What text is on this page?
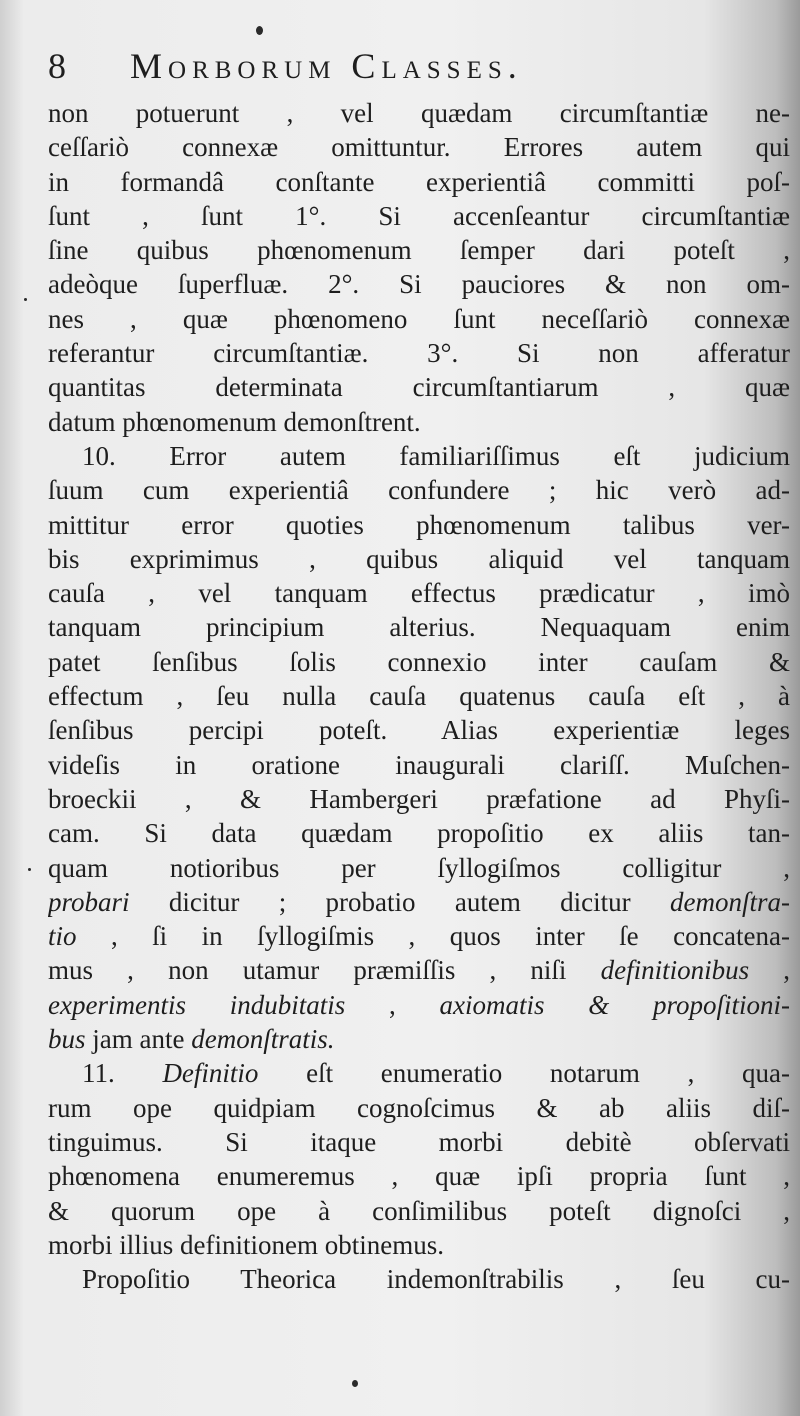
8 Morborum Classes.
non potuerunt , vel quædam circumſtantiæ ne-
ceſſariò connexæ omittuntur. Errores autem qui
in formandâ conſtante experientiâ committi poſ-
ſunt , ſunt 1°. Si accenſeantur circumſtantiæ
ſine quibus phœnomenum ſemper dari poteſt ,
adeòque ſuperfluæ. 2°. Si pauciores & non om-
nes , quæ phœnomeno ſunt neceſſariò connexæ
referantur circumſtantiæ. 3°. Si non afferatur
quantitas determinata circumſtantiarum , quæ
datum phœnomenum demonſtrent.
10. Error autem familiariſſimus eſt judicium
ſuum cum experientiâ confundere ; hic verò ad-
mittitur error quoties phœnomenum talibus ver-
bis exprimimus , quibus aliquid vel tanquam
cauſa , vel tanquam effectus prædicatur , imò
tanquam principium alterius. Nequaquam enim
patet ſenſibus ſolis connexio inter cauſam &
effectum , ſeu nulla cauſa quatenus cauſa eſt , à
ſenſibus percipi poteſt. Alias experientiæ leges
videſis in oratione inaugurali clariſſ. Muſchen-
broeckii , & Hambergeri præfatione ad Phyſi-
cam. Si data quædam propoſitio ex aliis tan-
quam notioribus per ſyllogiſmos colligitur ,
probari dicitur ; probatio autem dicitur demonſtra-
tio , ſi in ſyllogiſmis , quos inter ſe concatena-
mus , non utamur præmiſſis , niſi definitionibus ,
experimentis indubitatis , axiomatis & propoſitioni-
bus jam ante demonſtratis.
11. Definitio eſt enumeratio notarum , qua-
rum ope quidpiam cognoſcimus & ab aliis diſ-
tinguimus. Si itaque morbi debitè obſervati
phœnomena enumeremus , quæ ipſi propria ſunt ,
& quorum ope à conſimilibus poteſt dignoſci ,
morbi illius definitionem obtinemus.
Propoſitio Theorica indemonſtrabilis , ſeu cu-
